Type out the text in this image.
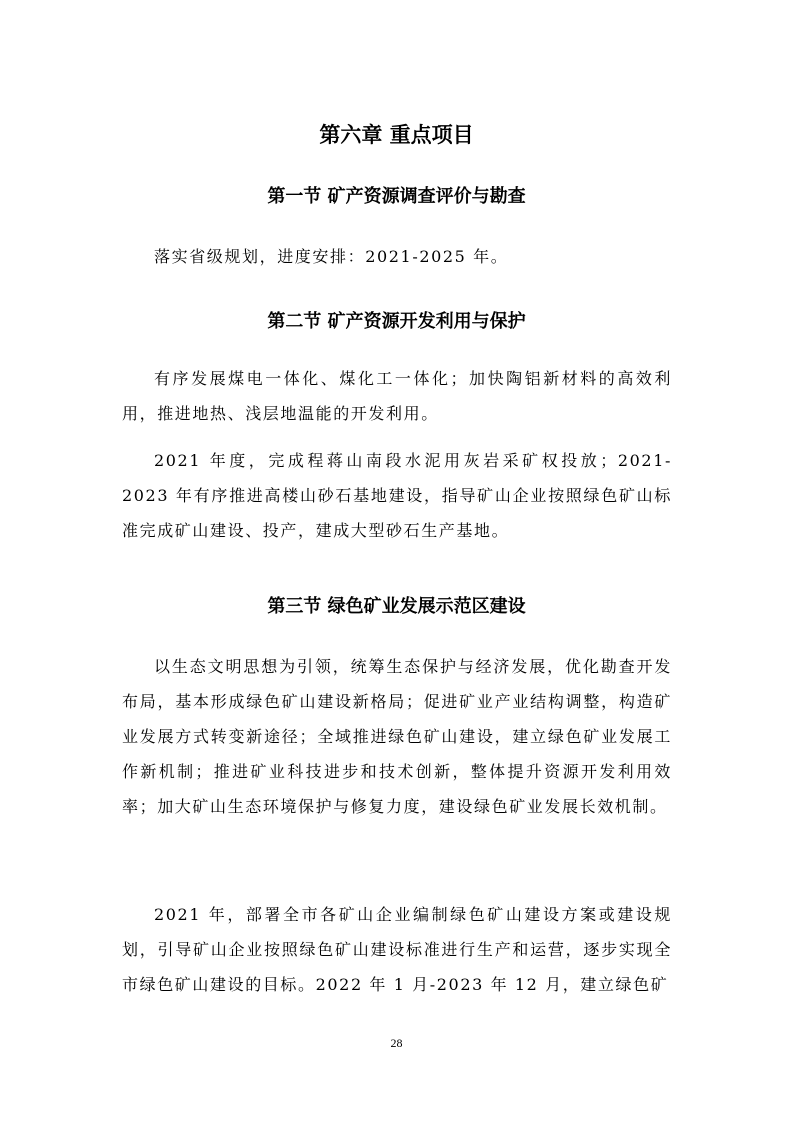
第六章 重点项目
第一节 矿产资源调查评价与勘查

落实省级规划，进度安排：2021-2025 年。

第二节 矿产资源开发利用与保护

有序发展煤电一体化、煤化工一体化；加快陶铝新材料的高效利用，推进地热、浅层地温能的开发利用。

2021 年度，完成程蒋山南段水泥用灰岩采矿权投放；2021-2023 年有序推进高楼山砂石基地建设，指导矿山企业按照绿色矿山标准完成矿山建设、投产，建成大型砂石生产基地。

第三节 绿色矿业发展示范区建设

以生态文明思想为引领，统筹生态保护与经济发展，优化勘查开发布局，基本形成绿色矿山建设新格局；促进矿业产业结构调整，构造矿业发展方式转变新途径；全域推进绿色矿山建设，建立绿色矿业发展工作新机制；推进矿业科技进步和技术创新，整体提升资源开发利用效率；加大矿山生态环境保护与修复力度，建设绿色矿业发展长效机制。

2021 年，部署全市各矿山企业编制绿色矿山建设方案或建设规划，引导矿山企业按照绿色矿山建设标准进行生产和运营，逐步实现全市绿色矿山建设的目标。2022 年 1 月-2023 年 12 月，建立绿色矿

28
